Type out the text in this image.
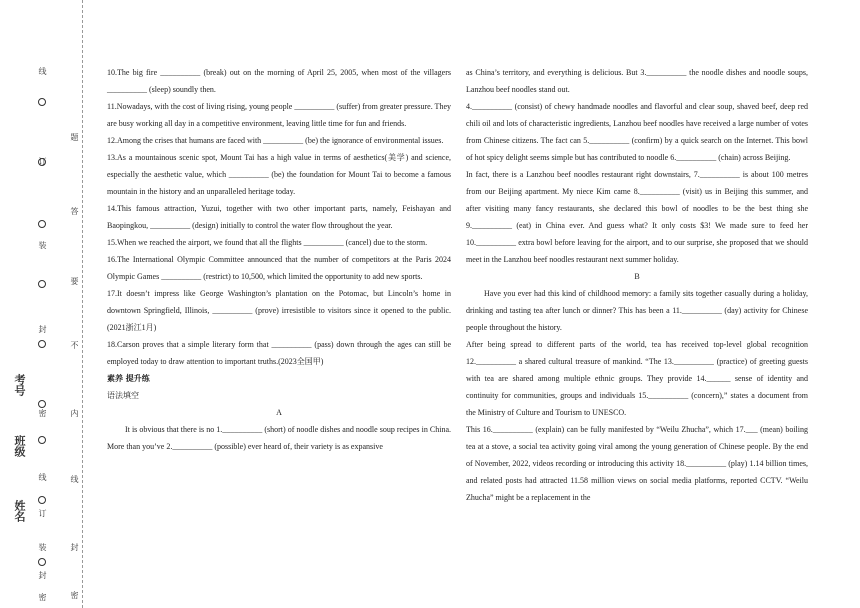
线
订
装
封
密
线
订
装
封
密
题
答
要
不
内
线
封
密
考号
班级
姓名

10.The big fire __________ (break) out on the morning of April 25, 2005, when most of the villagers __________ (sleep) soundly then.

11.Nowadays, with the cost of living rising, young people __________ (suffer) from greater pressure. They are busy working all day in a competitive environment, leaving little time for fun and friends.

12.Among the crises that humans are faced with __________ (be) the ignorance of environmental issues.

13.As a mountainous scenic spot, Mount Tai has a high value in terms of aesthetics(美学) and science, especially the aesthetic value, which __________ (be) the foundation for Mount Tai to become a famous mountain in the history and an unparalleled heritage today.

14.This famous attraction, Yuzui, together with two other important parts, namely, Feishayan and Baopingkou, __________ (design) initially to control the water flow throughout the year.

15.When we reached the airport, we found that all the flights __________ (cancel) due to the storm.

16.The International Olympic Committee announced that the number of competitors at the Paris 2024 Olympic Games __________ (restrict) to 10,500, which limited the opportunity to add new sports.

17.It doesn’t impress like George Washington’s plantation on the Potomac, but Lincoln’s home in downtown Springfield, Illinois, __________ (prove) irresistible to visitors since it opened to the public.(2021浙江1月)

18.Carson proves that a simple literary form that __________ (pass) down through the ages can still be employed today to draw attention to important truths.(2023全国甲)

素养 提升练

语法填空

A

It is obvious that there is no 1.__________ (short) of noodle dishes and noodle soup recipes in China. More than you’ve 2.__________ (possible) ever heard of, their variety is as expansive

as China’s territory, and everything is delicious. But 3.__________ the noodle dishes and noodle soups, Lanzhou beef noodles stand out.

4.__________ (consist) of chewy handmade noodles and flavorful and clear soup, shaved beef, deep red chili oil and lots of characteristic ingredients, Lanzhou beef noodles have received a large number of votes from Chinese citizens. The fact can 5.__________ (confirm) by a quick search on the Internet. This bowl of hot spicy delight seems simple but has contributed to noodle 6.__________ (chain) across Beijing.

In fact, there is a Lanzhou beef noodles restaurant right downstairs, 7.__________ is about 100 metres from our Beijing apartment. My niece Kim came 8.__________ (visit) us in Beijing this summer, and after visiting many fancy restaurants, she declared this bowl of noodles to be the best thing she 9.__________ (eat) in China ever. And guess what? It only costs $3! We made sure to feed her 10.__________ extra bowl before leaving for the airport, and to our surprise, she proposed that we should meet in the Lanzhou beef noodles restaurant next summer holiday.

B

Have you ever had this kind of childhood memory: a family sits together casually during a holiday, drinking and tasting tea after lunch or dinner? This has been a 11.__________ (day) activity for Chinese people throughout the history.

After being spread to different parts of the world, tea has received top-level global recognition 12.__________ a shared cultural treasure of mankind. “The 13.__________ (practice) of greeting guests with tea are shared among multiple ethnic groups. They provide 14.______ sense of identity and continuity for communities, groups and individuals 15.__________ (concern),” states a document from the Ministry of Culture and Tourism to UNESCO.

This 16.__________ (explain) can be fully manifested by “Weilu Zhucha”, which 17.___ (mean) boiling tea at a stove, a social tea activity going viral among the young generation of Chinese people. By the end of November, 2022, videos recording or introducing this activity 18.__________ (play) 1.14 billion times, and related posts had attracted 11.58 million views on social media platforms, reported CCTV. “Weilu Zhucha” might be a replacement in the
